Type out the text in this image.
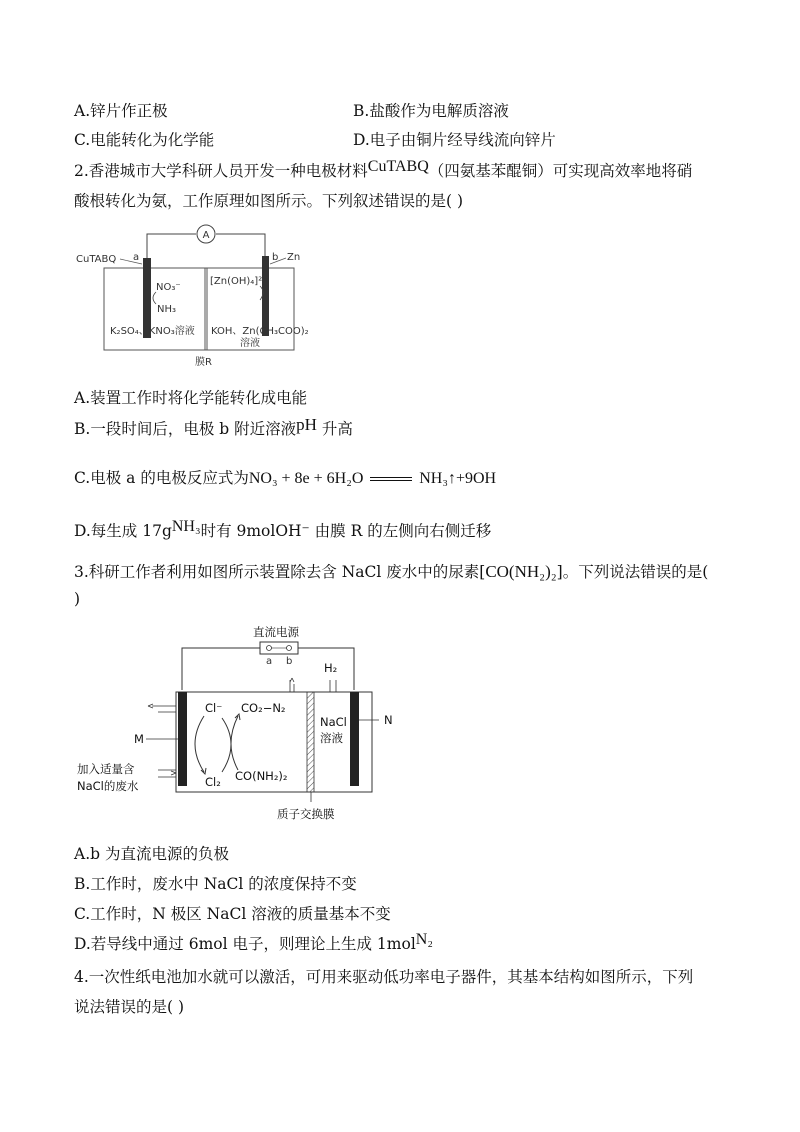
A.锌片作正极	B.盐酸作为电解质溶液
C.电能转化为化学能	D.电子由铜片经导线流向锌片
2.香港城市大学科研人员开发一种电极材料CuTABQ（四氨基苯醌铜）可实现高效率地将硝
酸根转化为氨，工作原理如图所示。下列叙述错误的是( )
A
CuTABQ a	b Zn
NO₃⁻
NH₃
[Zn(OH)₄]²⁻
K₂SO₄、KNO₃溶液 KOH、Zn(CH₃COO)₂
溶液
膜R
A.装置工作时将化学能转化成电能
B.一段时间后，电极 b 附近溶液pH 升高
C.电极 a 的电极反应式为NO₃ + 8e + 6H₂O	NH₃↑+9OH
D.每生成 17gNH₃时有 9molOH⁻ 由膜 R 的左侧向右侧迁移
3.科研工作者利用如图所示装置除去含 NaCl 废水中的尿素[CO(NH₂)₂]。下列说法错误的是(
)
直流电源
a b	H₂
M
N
Cl⁻ CO₂−N₂
NaCl
溶液
Cl₂ CO(NH₂)₂
加入适量含
NaCl的废水
质子交换膜
A.b 为直流电源的负极
B.工作时，废水中 NaCl 的浓度保持不变
C.工作时，N 极区 NaCl 溶液的质量基本不变
D.若导线中通过 6mol 电子，则理论上生成 1molN₂
4.一次性纸电池加水就可以激活，可用来驱动低功率电子器件，其基本结构如图所示，下列
说法错误的是( )
